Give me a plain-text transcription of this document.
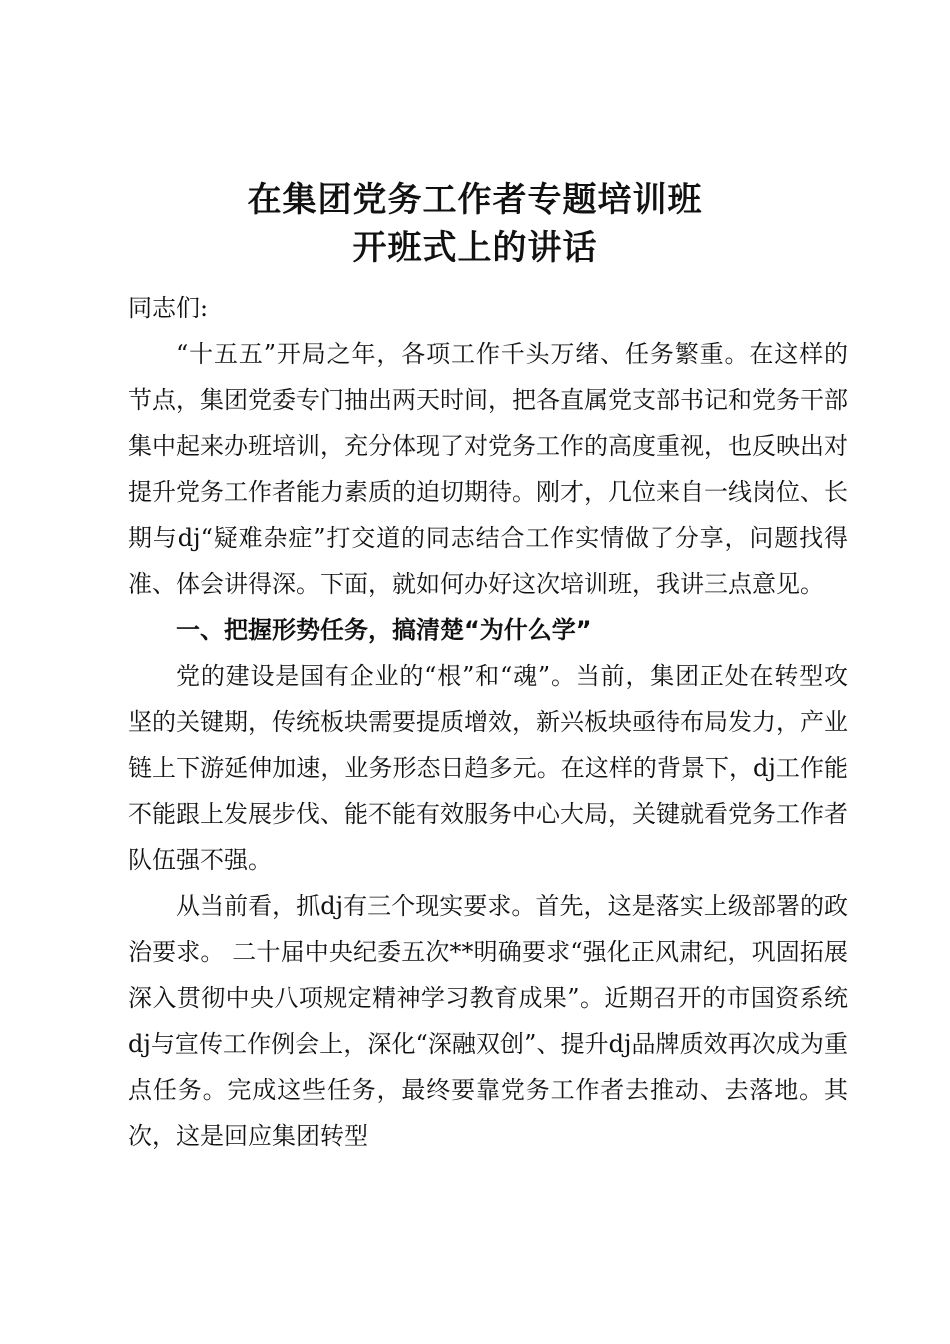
在集团党务工作者专题培训班
开班式上的讲话

同志们:

“十五五”开局之年，各项工作千头万绪、任务繁重。在这样的节点，集团党委专门抽出两天时间，把各直属党支部书记和党务干部集中起来办班培训，充分体现了对党务工作的高度重视，也反映出对提升党务工作者能力素质的迫切期待。刚才，几位来自一线岗位、长期与dj“疑难杂症”打交道的同志结合工作实情做了分享，问题找得准、体会讲得深。下面，就如何办好这次培训班，我讲三点意见。

一、把握形势任务，搞清楚“为什么学”

党的建设是国有企业的“根”和“魂”。当前，集团正处在转型攻坚的关键期，传统板块需要提质增效，新兴板块亟待布局发力，产业链上下游延伸加速，业务形态日趋多元。在这样的背景下，dj工作能不能跟上发展步伐、能不能有效服务中心大局，关键就看党务工作者队伍强不强。

从当前看，抓dj有三个现实要求。首先，这是落实上级部署的政治要求。 二十届中央纪委五次**明确要求“强化正风肃纪，巩固拓展深入贯彻中央八项规定精神学习教育成果”。近期召开的市国资系统dj与宣传工作例会上，深化“深融双创”、提升dj品牌质效再次成为重点任务。完成这些任务，最终要靠党务工作者去推动、去落地。其次，这是回应集团转型
